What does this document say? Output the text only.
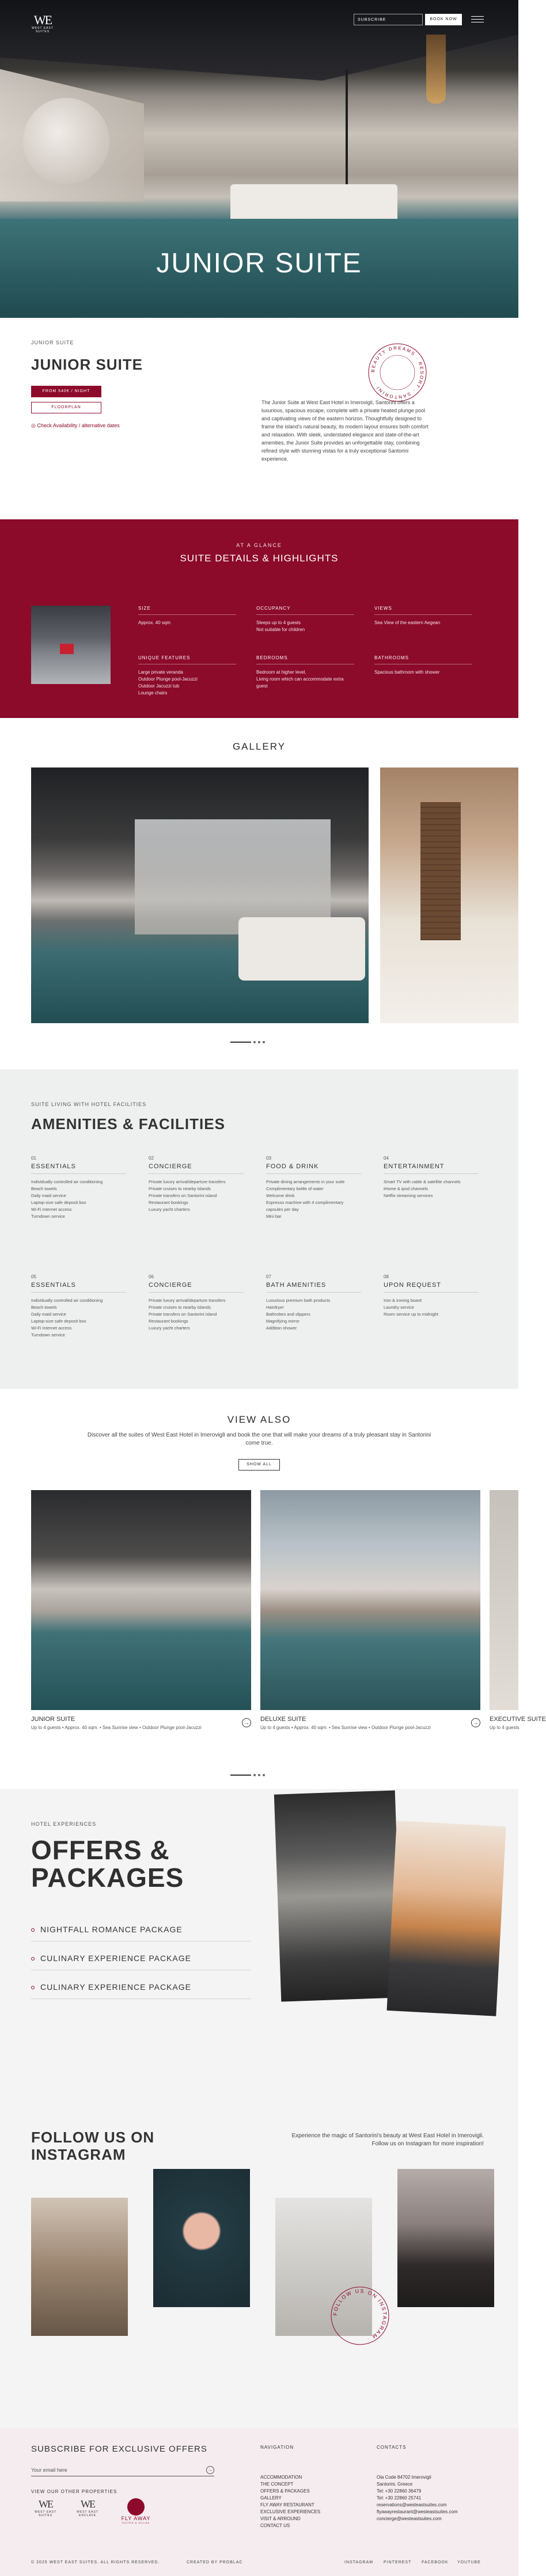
WE
WEST EAST SUITES
SUBSCRIBE	BOOK NOW
JUNIOR SUITE
JUNIOR SUITE
JUNIOR SUITE
FROM 540€ / NIGHT
FLOORPLAN
◎ Check Availability / alternative dates
BEAUTY DREAMS · RESORT · SANTORINI ·

The Junior Suite at West East Hotel in Imerovigli, Santorini offers a luxurious, spacious escape, complete with a private heated plunge pool and captivating views of the eastern horizon. Thoughtfully designed to frame the island's natural beauty, its modern layout ensures both comfort and relaxation. With sleek, understated elegance and state-of-the-art amenities, the Junior Suite provides an unforgettable stay, combining refined style with stunning vistas for a truly exceptional Santorini experience.

AT A GLANCE
SUITE DETAILS & HIGHLIGHTS
SIZE
Approx. 40 sqm
OCCUPANCY
Sleeps up to 4 guests
Not suitable for children
VIEWS
Sea View of the eastern Aegean
UNIQUE FEATURES
Large private veranda
Outdoor Plunge pool-Jacuzzi
Outdoor Jacuzzi tub
Lounge chairs
BEDROOMS
Bedroom at higher level,
Living room which can accommodate extra guest
BATHROOMS
Spacious bathroom with shower
GALLERY
SUITE LIVING WITH HOTEL FACILITIES
AMENITIES & FACILITIES
01
ESSENTIALS
Individually controlled air conditioning
Beach towels
Daily maid service
Laptop-size safe deposit box
Wi-Fi Internet access
Turndown service
02
CONCIERGE
Private luxury arrival/departure transfers
Private cruises to nearby islands
Private transfers on Santorini island
Restaurant bookings
Luxury yacht charters
03
FOOD & DRINK
Private dining arrangements in your suite
Complimentary bottle of water
Welcome drink
Espresso machine with 4 complimentary capsules per day
Mini bar
04
ENTERTAINMENT
Smart TV with cable & satellite channels
iHome & ipod channels
Netflix streaming services
05
ESSENTIALS
Individually controlled air conditioning
Beach towels
Daily maid service
Laptop-size safe deposit box
Wi-Fi Internet access
Turndown service
06
CONCIERGE
Private luxury arrival/departure transfers
Private cruises to nearby islands
Private transfers on Santorini island
Restaurant bookings
Luxury yacht charters
07
BATH AMENITIES
Luxurious premium bath products
Hairdryer
Bathrobes and slippers
Magnifying mirror
Addition shower
08
UPON REQUEST
Iron & ironing board
Laundry service
Room service up to midnight
VIEW ALSO

Discover all the suites of West East Hotel in Imerovigli and book the one that will make your dreams of a truly pleasant stay in Santorini come true.

SHOW ALL
JUNIOR SUITE
Up to 4 guests • Approx. 40 sqm. • Sea Sunrise view • Outdoor Plunge pool-Jacuzzi
→	DELUXE SUITE
Up to 4 guests • Approx. 40 sqm. • Sea Sunrise view • Outdoor Plunge pool-Jacuzzi
→	EXECUTIVE SUITE
Up to 4 guests
HOTEL EXPERIENCES
OFFERS & PACKAGES
NIGHTFALL ROMANCE PACKAGE
CULINARY EXPERIENCE PACKAGE
CULINARY EXPERIENCE PACKAGE
FOLLOW US ON INSTAGRAM

Experience the magic of Santorini's beauty at West East Hotel in Imerovigli. Follow us on Instagram for more inspiration!

FOLLOW US ON INSTAGRAM ·
SUBSCRIBE FOR EXCLUSIVE OFFERS
Your email here	→
VIEW OUR OTHER PROPERTIES
WE
WEST EAST SUITES
WE
WEST EAST ENCLAVE	FLY AWAY
SUITES & VILLAS
NAVIGATION
ACCOMMODATION
THE CONCEPT
OFFERS & PACKAGES
GALLERY
FLY AWAY RESTAURANT
EXCLUSIVE EXPERIENCES
VISIT & ARROUND
CONTACT US
CONTACTS
Oia Code 84702 Imerovigli
Santorini, Greece
Tel: +30 22860 36479
Tel: +30 22860 25741
reservations@westeastsuites.com
flyawayrestaurant@westeastsuites.com
concierge@westeastsuites.com
© 2025 WEST EAST SUITES. ALL RIGHTS RESERVED.	CREATED BY PROBLAC	INSTAGRAM	PINTEREST	FACEBOOK YOUTUBE
